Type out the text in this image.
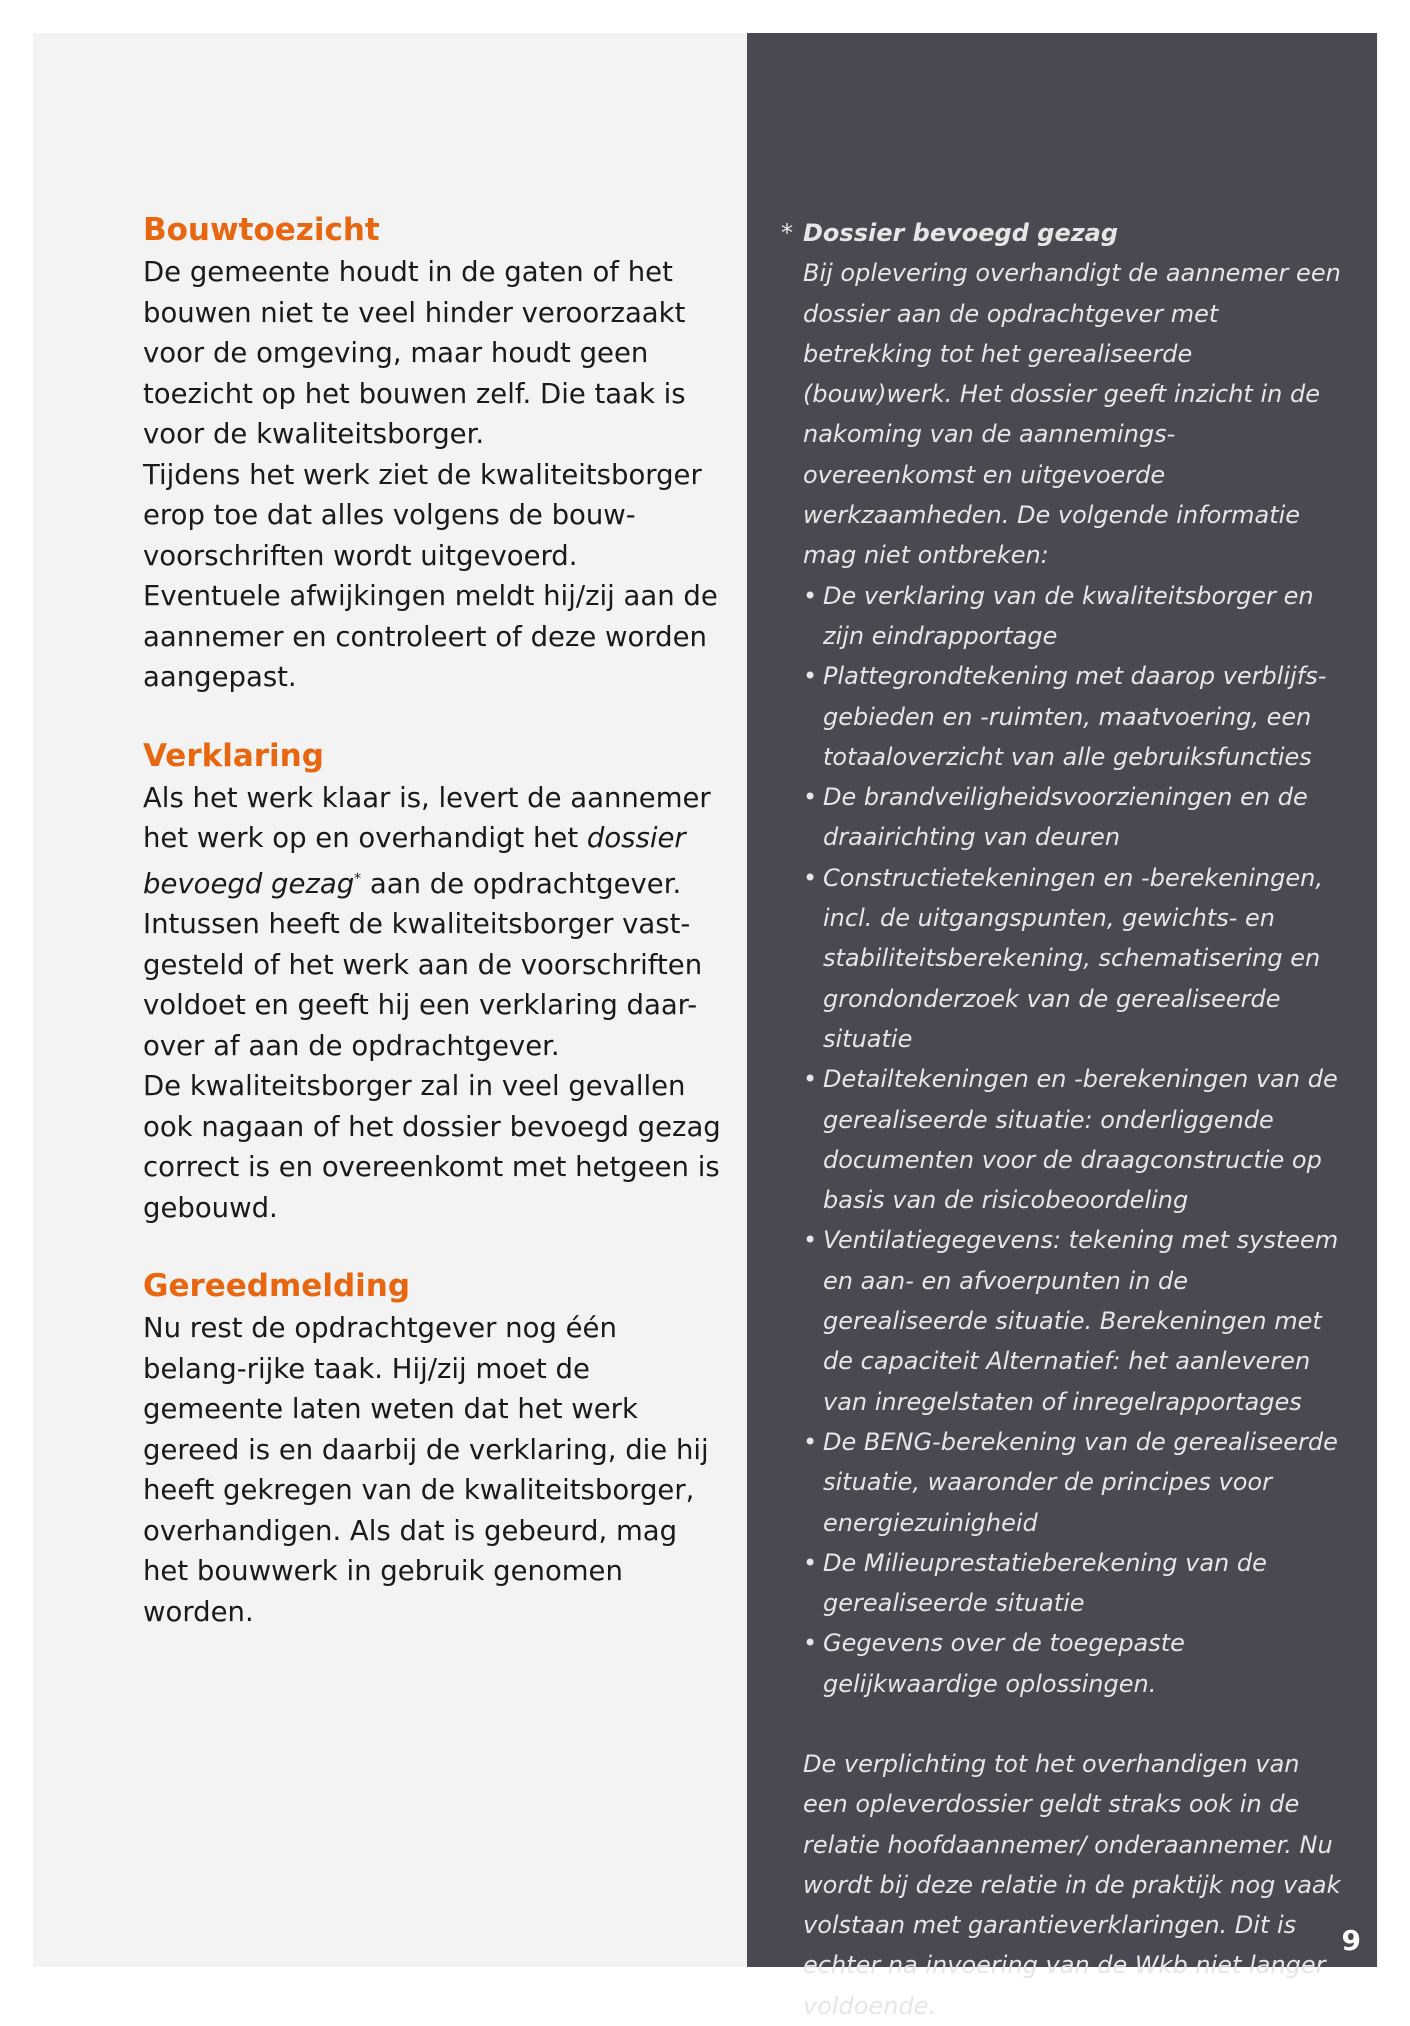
Bouwtoezicht

De gemeente houdt in de gaten of het bouwen niet te veel hinder veroorzaakt voor de omgeving, maar houdt geen toezicht op het bouwen zelf. Die taak is voor de kwaliteitsborger.

Tijdens het werk ziet de kwaliteitsborger erop toe dat alles volgens de bouw-voorschriften wordt uitgevoerd. Eventuele afwijkingen meldt hij/zij aan de aannemer en controleert of deze worden aangepast.

Verklaring

Als het werk klaar is, levert de aannemer het werk op en overhandigt het dossier bevoegd gezag* aan de opdrachtgever. Intussen heeft de kwaliteitsborger vast-gesteld of het werk aan de voorschriften voldoet en geeft hij een verklaring daar-over af aan de opdrachtgever.

De kwaliteitsborger zal in veel gevallen ook nagaan of het dossier bevoegd gezag correct is en overeenkomt met hetgeen is gebouwd.

Gereedmelding

Nu rest de opdrachtgever nog één belang-rijke taak. Hij/zij moet de gemeente laten weten dat het werk gereed is en daarbij de verklaring, die hij heeft gekregen van de kwaliteitsborger, overhandigen. Als dat is gebeurd, mag het bouwwerk in gebruik genomen worden.

* Dossier bevoegd gezag
Bij oplevering overhandigt de aannemer een dossier aan de opdrachtgever met betrekking tot het gerealiseerde (bouw)werk. Het dossier geeft inzicht in de nakoming van de aannemings-overeenkomst en uitgevoerde werkzaamheden. De volgende informatie mag niet ontbreken:
• De verklaring van de kwaliteitsborger en zijn eindrapportage
• Plattegrondtekening met daarop verblijfs-gebieden en -ruimten, maatvoering, een totaaloverzicht van alle gebruiksfuncties
• De brandveiligheidsvoorzieningen en de draairichting van deuren
• Constructietekeningen en -berekeningen, incl. de uitgangspunten, gewichts- en stabiliteitsberekening, schematisering en grondonderzoek van de gerealiseerde situatie
• Detailtekeningen en -berekeningen van de gerealiseerde situatie: onderliggende documenten voor de draagconstructie op basis van de risicobeoordeling
• Ventilatiegegevens: tekening met systeem en aan- en afvoerpunten in de gerealiseerde situatie. Berekeningen met de capaciteit Alternatief: het aanleveren van inregelstaten of inregelrapportages
• De BENG-berekening van de gerealiseerde situatie, waaronder de principes voor energiezuinigheid
• De Milieuprestatieberekening van de gerealiseerde situatie
• Gegevens over de toegepaste gelijkwaardige oplossingen.
De verplichting tot het overhandigen van een opleverdossier geldt straks ook in de relatie hoofdaannemer/ onderaannemer. Nu wordt bij deze relatie in de praktijk nog vaak volstaan met garantieverklaringen. Dit is echter na invoering van de Wkb niet langer voldoende.
9
